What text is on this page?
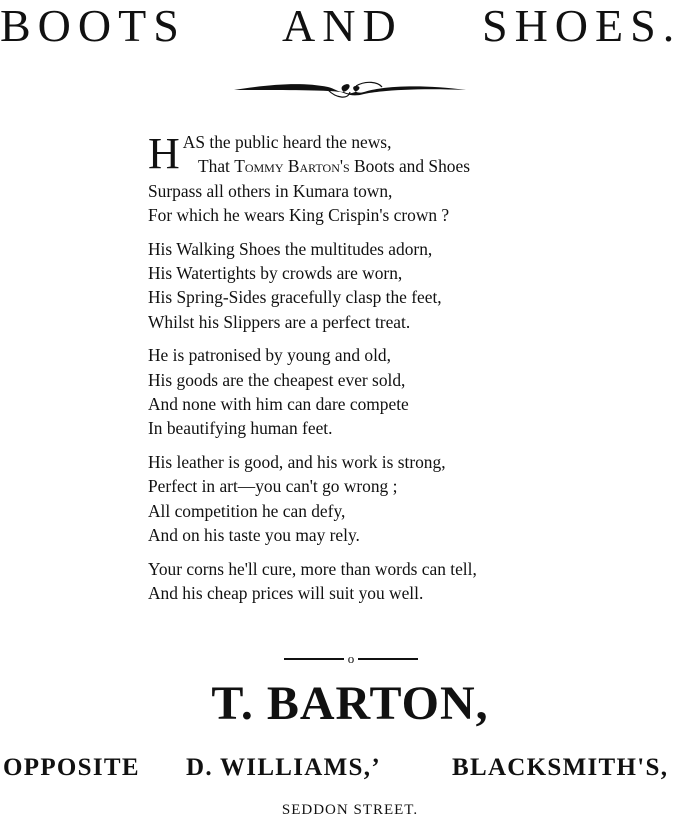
BOOTS AND SHOES.
HAS the public heard the news,
That Tommy Barton's Boots and Shoes
Surpass all others in Kumara town,
For which he wears King Crispin's crown ?
His Walking Shoes the multitudes adorn,
His Watertights by crowds are worn,
His Spring-Sides gracefully clasp the feet,
Whilst his Slippers are a perfect treat.
He is patronised by young and old,
His goods are the cheapest ever sold,
And none with him can dare compete
In beautifying human feet.
His leather is good, and his work is strong,
Perfect in art—you can't go wrong ;
All competition he can defy,
And on his taste you may rely.
Your corns he'll cure, more than words can tell,
And his cheap prices will suit you well.
o
T. BARTON,
OPPOSITE D. WILLIAMS,’	BLACKSMITH'S,
SEDDON STREET.
